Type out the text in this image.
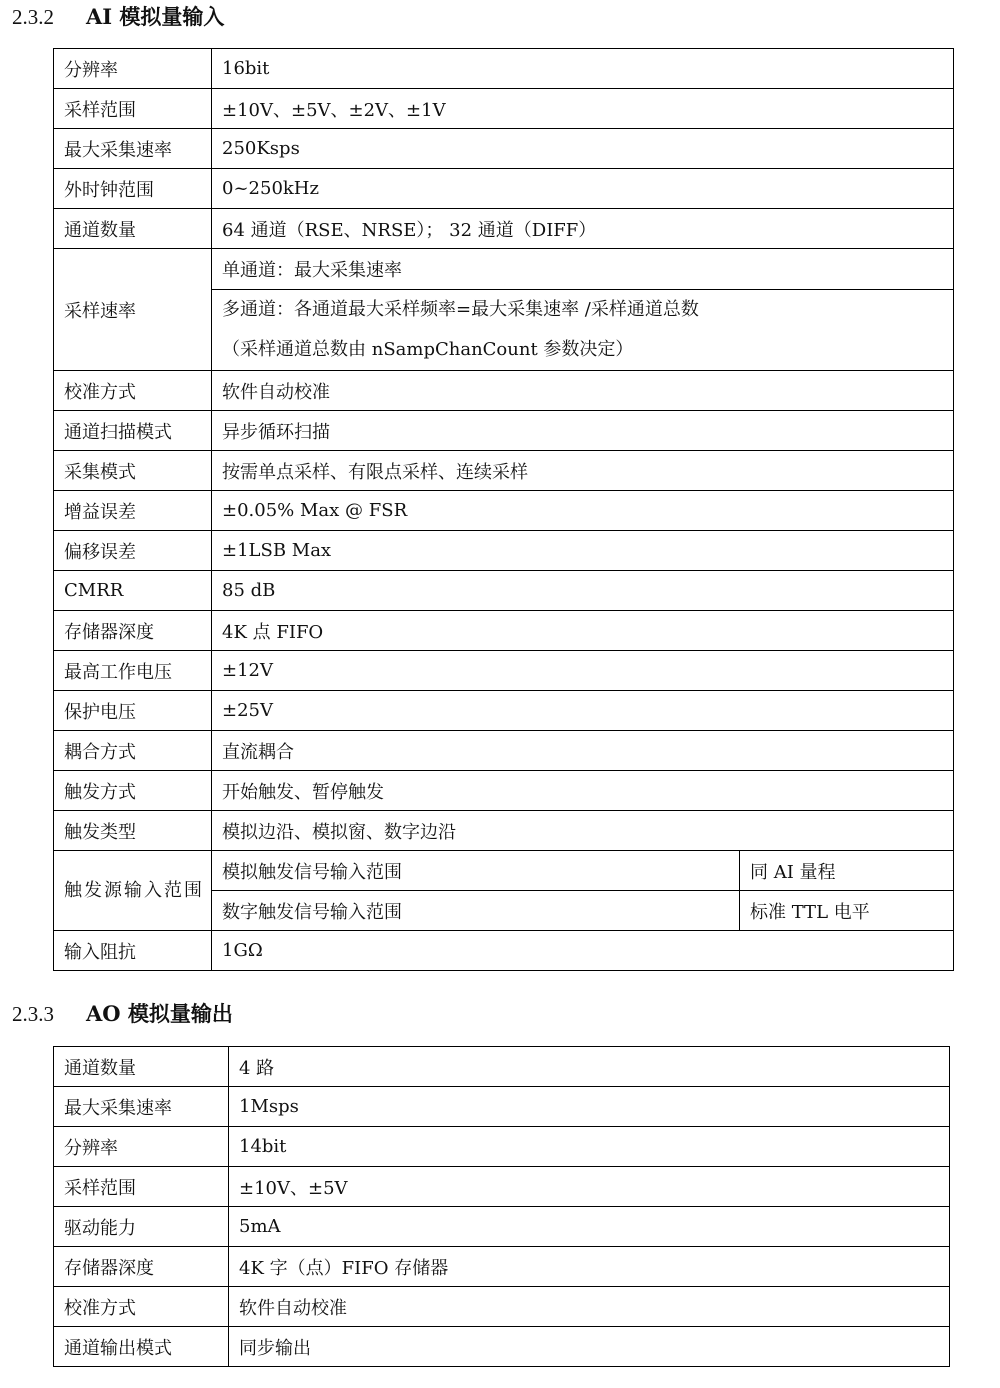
2.3.2 AI 模拟量输入
分辨率	16bit	
采样范围	±10V、±5V、±2V、±1V	
最大采集速率	250Ksps	
外时钟范围	0~250kHz	
通道数量	64 通道（RSE、NRSE）； 32 通道（DIFF）	
采样速率	单通道：最大采集速率	

	多通道：各通道最大采样频率=最大采集速率 /采样通道总数
（采样通道总数由 nSampChanCount 参数决定）	

校准方式	软件自动校准	
通道扫描模式	异步循环扫描	
采集模式	按需单点采样、有限点采样、连续采样	
增益误差	±0.05% Max @ FSR	
偏移误差	±1LSB Max	
CMRR	85 dB	
存储器深度	4K 点 FIFO	
最高工作电压	±12V	
保护电压	±25V	
耦合方式	直流耦合	
触发方式	开始触发、暂停触发	
触发类型	模拟边沿、模拟窗、数字边沿	
触发源输入范围	模拟触发信号输入范围	同 AI 量程
	数字触发信号输入范围	标准 TTL 电平
输入阻抗	1GΩ	
2.3.3 AO 模拟量输出
通道数量	4 路
最大采集速率	1Msps
分辨率	14bit
采样范围	±10V、±5V
驱动能力	5mA
存储器深度	4K 字（点）FIFO 存储器
校准方式	软件自动校准
通道输出模式	同步输出
